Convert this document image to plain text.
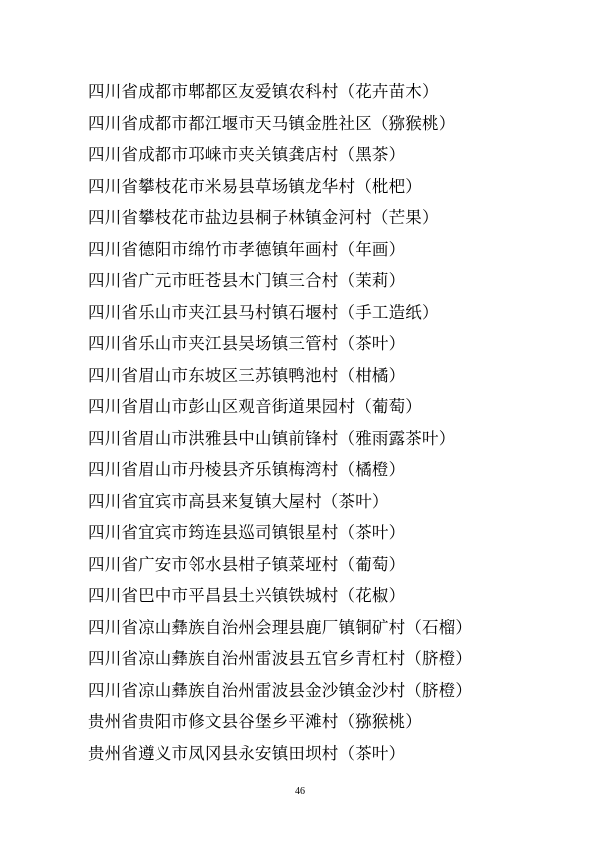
四川省成都市郫都区友爱镇农科村（花卉苗木）
四川省成都市都江堰市天马镇金胜社区（猕猴桃）
四川省成都市邛崃市夹关镇龚店村（黑茶）
四川省攀枝花市米易县草场镇龙华村（枇杷）
四川省攀枝花市盐边县桐子林镇金河村（芒果）
四川省德阳市绵竹市孝德镇年画村（年画）
四川省广元市旺苍县木门镇三合村（茉莉）
四川省乐山市夹江县马村镇石堰村（手工造纸）
四川省乐山市夹江县吴场镇三管村（茶叶）
四川省眉山市东坡区三苏镇鸭池村（柑橘）
四川省眉山市彭山区观音街道果园村（葡萄）
四川省眉山市洪雅县中山镇前锋村（雅雨露茶叶）
四川省眉山市丹棱县齐乐镇梅湾村（橘橙）
四川省宜宾市高县来复镇大屋村（茶叶）
四川省宜宾市筠连县巡司镇银星村（茶叶）
四川省广安市邻水县柑子镇菜垭村（葡萄）
四川省巴中市平昌县土兴镇铁城村（花椒）
四川省凉山彝族自治州会理县鹿厂镇铜矿村（石榴）
四川省凉山彝族自治州雷波县五官乡青杠村（脐橙）
四川省凉山彝族自治州雷波县金沙镇金沙村（脐橙）
贵州省贵阳市修文县谷堡乡平滩村（猕猴桃）
贵州省遵义市凤冈县永安镇田坝村（茶叶）
46
